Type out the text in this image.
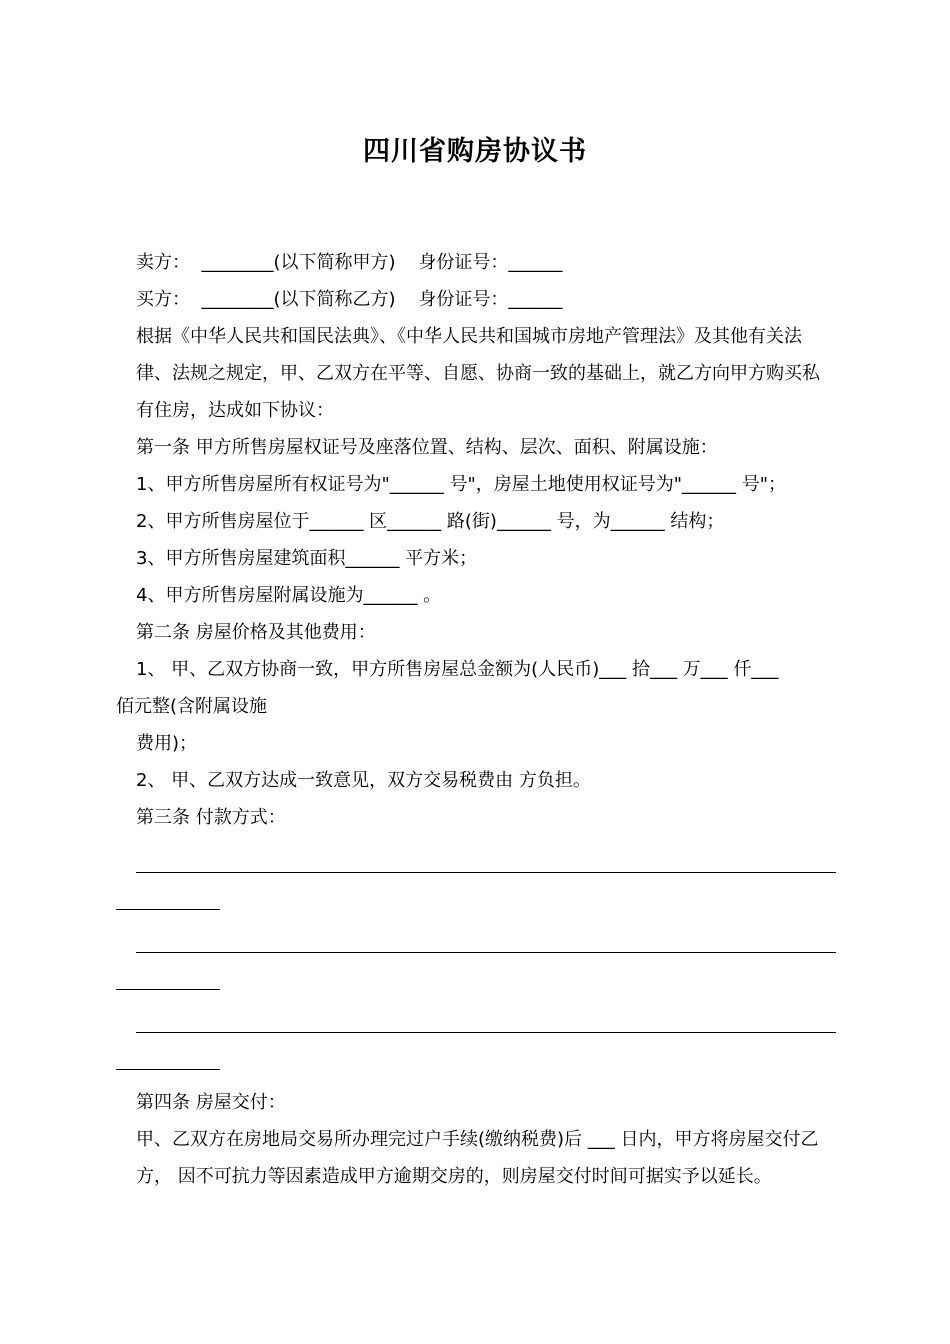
四川省购房协议书

卖方：  ________(以下简称甲方)    身份证号：______

买方：  ________(以下简称乙方)    身份证号：______

根据《中华人民共和国民法典》、《中华人民共和国城市房地产管理法》及其他有关法律、法规之规定，甲、乙双方在平等、自愿、协商一致的基础上，就乙方向甲方购买私有住房，达成如下协议：

第一条 甲方所售房屋权证号及座落位置、结构、层次、面积、附属设施：

1、甲方所售房屋所有权证号为"______ 号"，房屋土地使用权证号为"______ 号"；

2、甲方所售房屋位于______ 区______ 路(街)______ 号，为______ 结构；

3、甲方所售房屋建筑面积______ 平方米；

4、甲方所售房屋附属设施为______ 。

第二条 房屋价格及其他费用：

1、 甲、乙双方协商一致，甲方所售房屋总金额为(人民币)___ 拾___ 万___ 仟___

佰元整(含附属设施

费用)；

2、 甲、乙双方达成一致意见，双方交易税费由 方负担。

第三条 付款方式：

第四条 房屋交付：

甲、乙双方在房地局交易所办理完过户手续(缴纳税费)后 ___ 日内，甲方将房屋交付乙方， 因不可抗力等因素造成甲方逾期交房的，则房屋交付时间可据实予以延长。
